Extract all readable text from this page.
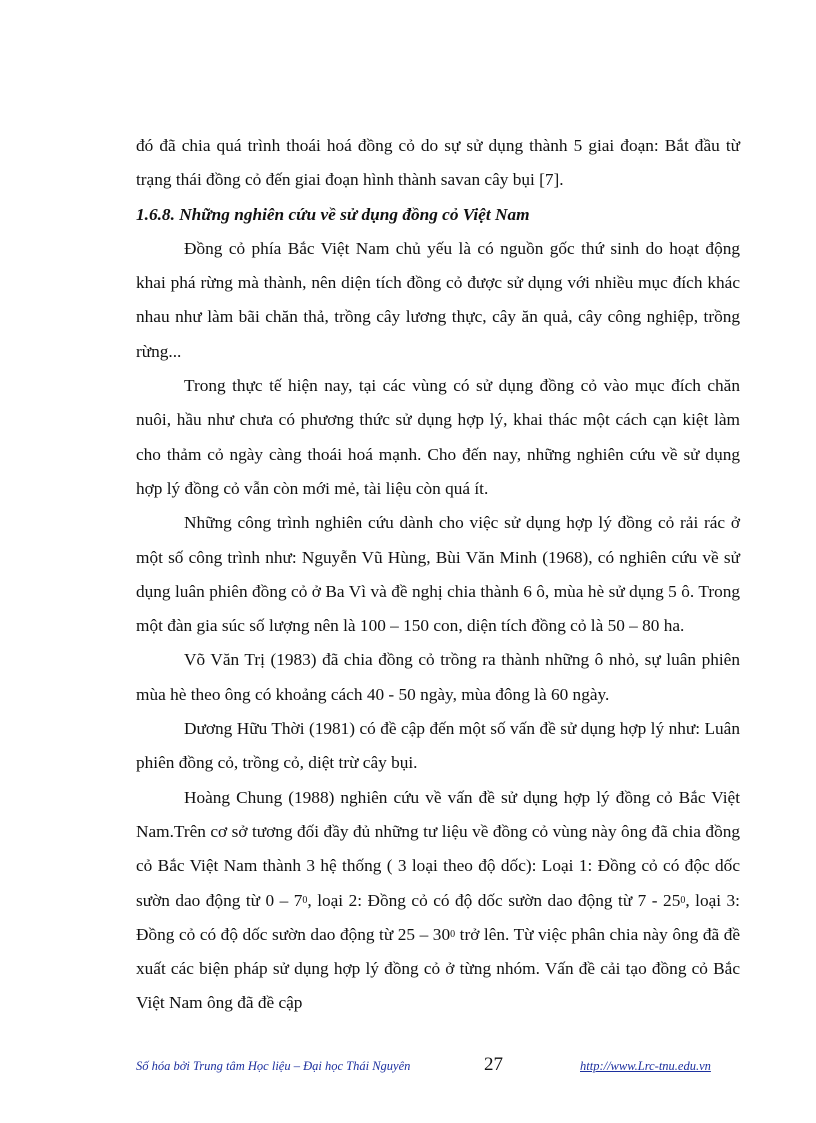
đó đã chia quá trình thoái hoá đồng cỏ do sự sử dụng thành 5 giai đoạn: Bắt đầu từ trạng thái đồng cỏ đến giai đoạn hình thành savan cây bụi [7].

1.6.8. Những nghiên cứu về sử dụng đồng cỏ Việt Nam

Đồng cỏ phía Bắc Việt Nam chủ yếu là có nguồn gốc thứ sinh do hoạt động khai phá rừng mà thành, nên diện tích đồng cỏ được sử dụng với nhiều mục đích khác nhau như làm bãi chăn thả, trồng cây lương thực, cây ăn quả, cây công nghiệp, trồng rừng...

Trong thực tế hiện nay, tại các vùng có sử dụng đồng cỏ vào mục đích chăn nuôi, hầu như chưa có phương thức sử dụng hợp lý, khai thác một cách cạn kiệt làm cho thảm cỏ ngày càng thoái hoá mạnh. Cho đến nay, những nghiên cứu về sử dụng hợp lý đồng cỏ vẫn còn mới mẻ, tài liệu còn quá ít.

Những công trình nghiên cứu dành cho việc sử dụng hợp lý đồng cỏ rải rác ở một số công trình như: Nguyễn Vũ Hùng, Bùi Văn Minh (1968), có nghiên cứu về sử dụng luân phiên đồng cỏ ở Ba Vì và đề nghị chia thành 6 ô, mùa hè sử dụng 5 ô. Trong một đàn gia súc số lượng nên là 100 – 150 con, diện tích đồng cỏ là 50 – 80 ha.

Võ Văn Trị (1983) đã chia đồng cỏ trồng ra thành những ô nhỏ, sự luân phiên mùa hè theo ông có khoảng cách 40 - 50 ngày, mùa đông là 60 ngày.

Dương Hữu Thời (1981) có đề cập đến một số vấn đề sử dụng hợp lý như: Luân phiên đồng cỏ, trồng cỏ, diệt trừ cây bụi.

Hoàng Chung (1988) nghiên cứu về vấn đề sử dụng hợp lý đồng cỏ Bắc Việt Nam.Trên cơ sở tương đối đầy đủ những tư liệu về đồng cỏ vùng này ông đã chia đồng cỏ Bắc Việt Nam thành 3 hệ thống ( 3 loại theo độ dốc): Loại 1: Đồng cỏ có độc dốc sườn dao động từ $0 - 7^0$, loại 2: Đồng cỏ có độ dốc sườn dao động từ $7 - 25^0$, loại 3: Đồng cỏ có độ dốc sườn dao động từ $25 - 30^0$ trở lên. Từ việc phân chia này ông đã đề xuất các biện pháp sử dụng hợp lý đồng cỏ ở từng nhóm. Vấn đề cải tạo đồng cỏ Bắc Việt Nam ông đã đề cập

Số hóa bởi Trung tâm Học liệu – Đại học Thái Nguyên	27	http://www.Lrc-tnu.edu.vn
